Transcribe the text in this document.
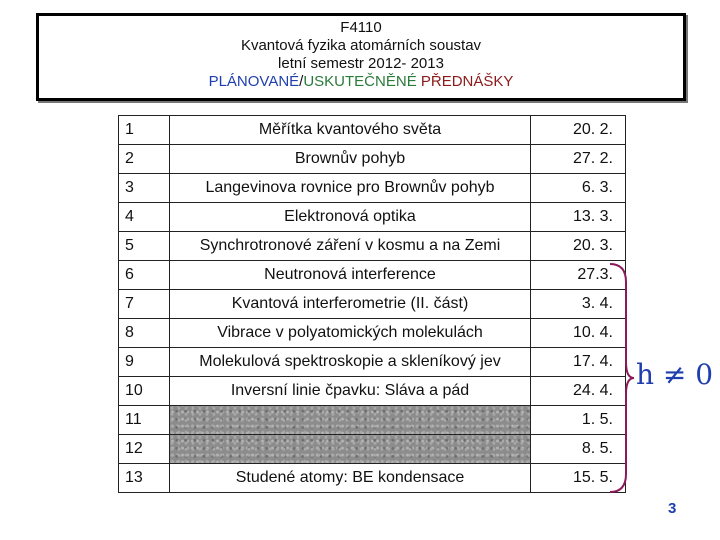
F4110
Kvantová fyzika atomárních soustav
letní semestr 2012- 2013
PLÁNOVANÉ/USKUTEČNĚNÉ PŘEDNÁŠKY
1	Měřítka kvantového světa	20. 2.
2	Brownův pohyb	27. 2.
3	Langevinova rovnice pro Brownův pohyb	6. 3.
4	Elektronová optika	13. 3.
5	Synchrotronové záření v kosmu a na Zemi	20. 3.
6	Neutronová interference	27.3.
7	Kvantová interferometrie (II. část)	3. 4.
8	Vibrace v polyatomických molekulách	10. 4.
9	Molekulová spektroskopie a skleníkový jev	17. 4.
10	Inversní linie čpavku: Sláva a pád	24. 4.
11		1. 5.
12		8. 5.
13	Studené atomy: BE kondensace	15. 5.
h ≠ 0
3
